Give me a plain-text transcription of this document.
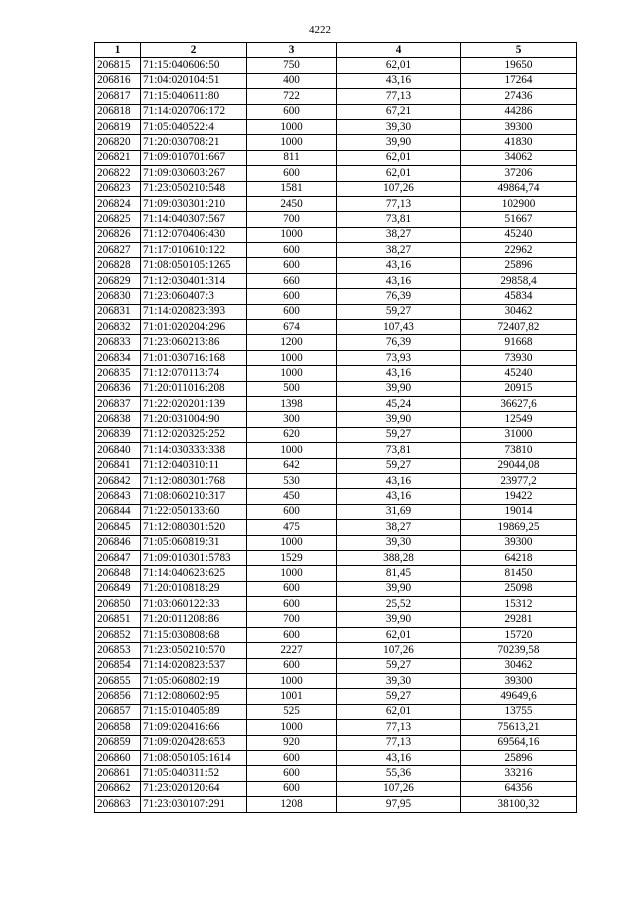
4222
1	2	3	4	5
206815	71:15:040606:50	750	62,01	19650
206816	71:04:020104:51	400	43,16	17264
206817	71:15:040611:80	722	77,13	27436
206818	71:14:020706:172	600	67,21	44286
206819	71:05:040522:4	1000	39,30	39300
206820	71:20:030708:21	1000	39,90	41830
206821	71:09:010701:667	811	62,01	34062
206822	71:09:030603:267	600	62,01	37206
206823	71:23:050210:548	1581	107,26	49864,74
206824	71:09:030301:210	2450	77,13	102900
206825	71:14:040307:567	700	73,81	51667
206826	71:12:070406:430	1000	38,27	45240
206827	71:17:010610:122	600	38,27	22962
206828	71:08:050105:1265	600	43,16	25896
206829	71:12:030401:314	660	43,16	29858,4
206830	71:23:060407:3	600	76,39	45834
206831	71:14:020823:393	600	59,27	30462
206832	71:01:020204:296	674	107,43	72407,82
206833	71:23:060213:86	1200	76,39	91668
206834	71:01:030716:168	1000	73,93	73930
206835	71:12:070113:74	1000	43,16	45240
206836	71:20:011016:208	500	39,90	20915
206837	71:22:020201:139	1398	45,24	36627,6
206838	71:20:031004:90	300	39,90	12549
206839	71:12:020325:252	620	59,27	31000
206840	71:14:030333:338	1000	73,81	73810
206841	71:12:040310:11	642	59,27	29044,08
206842	71:12:080301:768	530	43,16	23977,2
206843	71:08:060210:317	450	43,16	19422
206844	71:22:050133:60	600	31,69	19014
206845	71:12:080301:520	475	38,27	19869,25
206846	71:05:060819:31	1000	39,30	39300
206847	71:09:010301:5783	1529	388,28	64218
206848	71:14:040623:625	1000	81,45	81450
206849	71:20:010818:29	600	39,90	25098
206850	71:03:060122:33	600	25,52	15312
206851	71:20:011208:86	700	39,90	29281
206852	71:15:030808:68	600	62,01	15720
206853	71:23:050210:570	2227	107,26	70239,58
206854	71:14:020823:537	600	59,27	30462
206855	71:05:060802:19	1000	39,30	39300
206856	71:12:080602:95	1001	59,27	49649,6
206857	71:15:010405:89	525	62,01	13755
206858	71:09:020416:66	1000	77,13	75613,21
206859	71:09:020428:653	920	77,13	69564,16
206860	71:08:050105:1614	600	43,16	25896
206861	71:05:040311:52	600	55,36	33216
206862	71:23:020120:64	600	107,26	64356
206863	71:23:030107:291	1208	97,95	38100,32
